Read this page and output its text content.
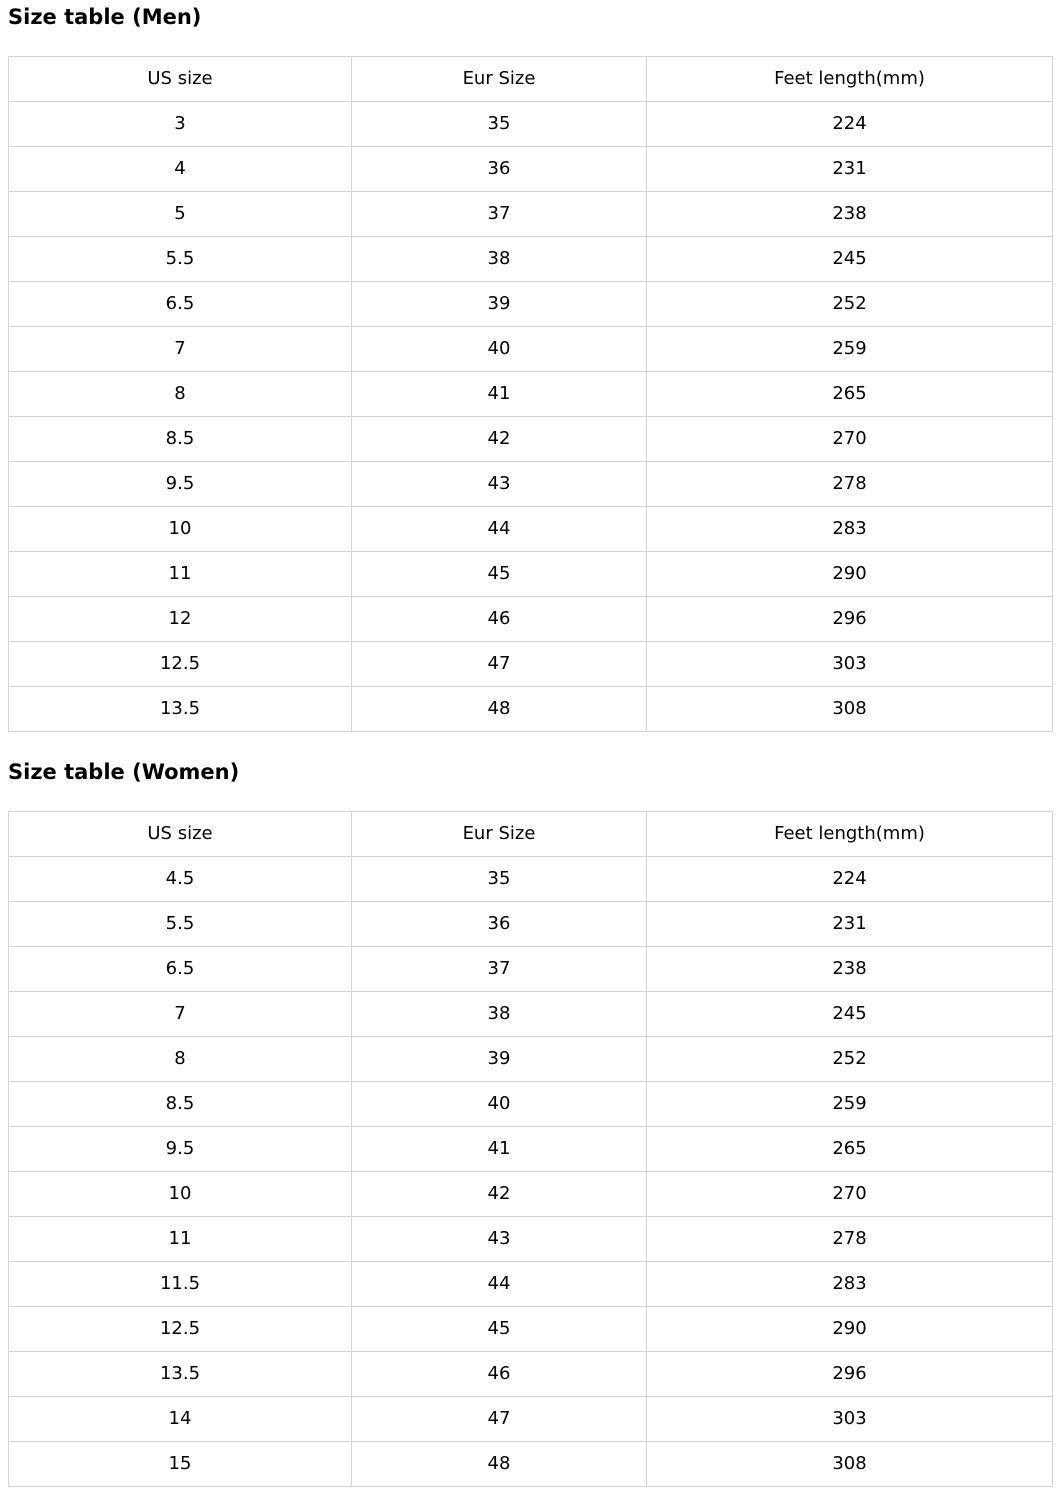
Size table (Men)
US size	Eur Size	Feet length(mm)
3	35	224
4	36	231
5	37	238
5.5	38	245
6.5	39	252
7	40	259
8	41	265
8.5	42	270
9.5	43	278
10	44	283
11	45	290
12	46	296
12.5	47	303
13.5	48	308
Size table (Women)
US size	Eur Size	Feet length(mm)
4.5	35	224
5.5	36	231
6.5	37	238
7	38	245
8	39	252
8.5	40	259
9.5	41	265
10	42	270
11	43	278
11.5	44	283
12.5	45	290
13.5	46	296
14	47	303
15	48	308
